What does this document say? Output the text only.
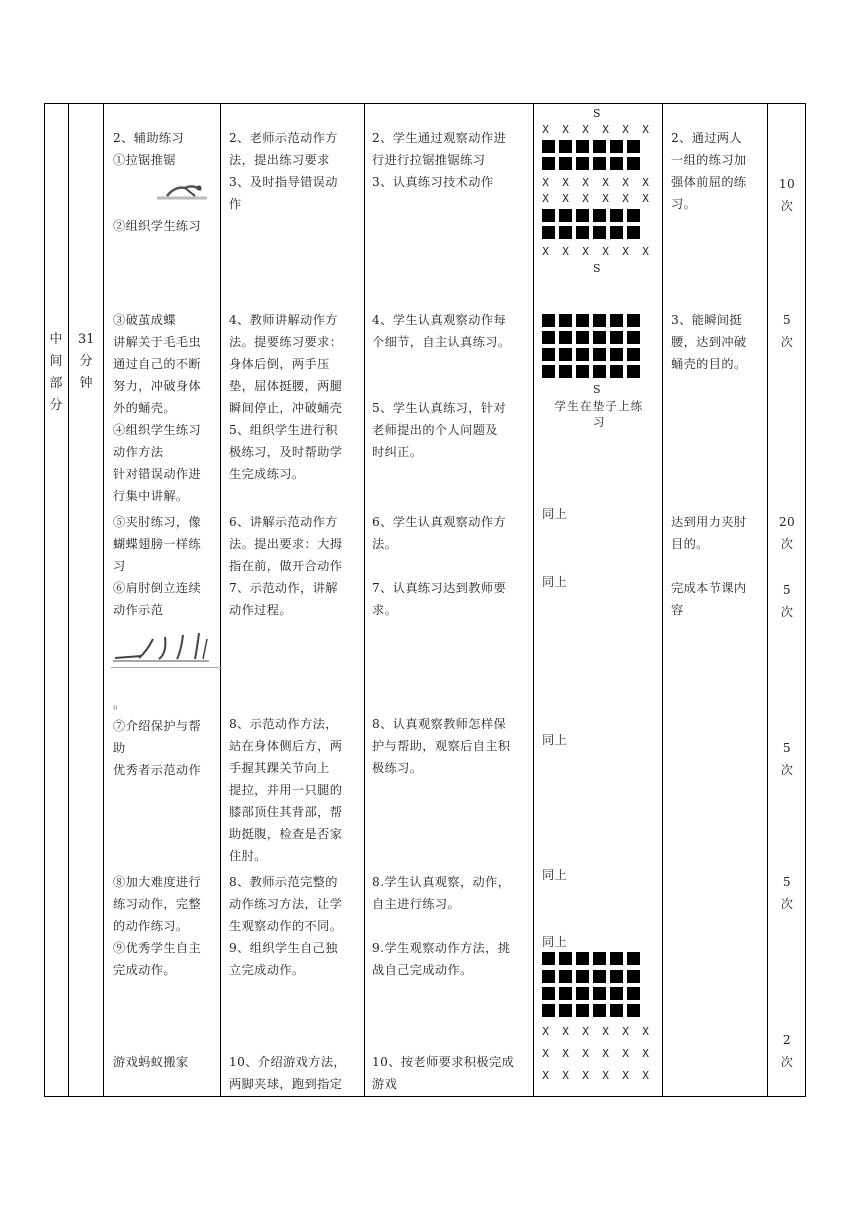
中
间
部
分
31
分
钟
2、辅助练习
①拉锯推锯
②组织学生练习
2、老师示范动作方
法，提出练习要求
3、及时指导错误动
作
2、学生通过观察动作进
行进行拉锯推锯练习
3、认真练习技术动作
2、通过两人
一组的练习加
强体前屈的练
习。
10
次
③破茧成蝶
讲解关于毛毛虫
通过自己的不断
努力，冲破身体
外的蛹壳。
④组织学生练习
动作方法
针对错误动作进
行集中讲解。
4、教师讲解动作方
法。提要练习要求：
身体后倒，两手压
垫，屈体挺腰，两腿
瞬间停止，冲破蛹壳
5、组织学生进行积
极练习，及时帮助学
生完成练习。
4、学生认真观察动作每
个细节，自主认真练习。
5、学生认真练习，针对
老师提出的个人问题及
时纠正。
3、能瞬间挺
腰，达到冲破
蛹壳的目的。
5
次
学生在垫子上练
习
⑤夹肘练习，像
蝴蝶翅膀一样练
习
⑥肩肘倒立连续
动作示范
6、讲解示范动作方
法。提出要求：大拇
指在前，做开合动作
7、示范动作，讲解
动作过程。
6、学生认真观察动作方
法。
7、认真练习达到教师要
求。
同上
同上
达到用力夹肘
目的。
完成本节课内
容
20
次
5
次
。
⑦介绍保护与帮
助
优秀者示范动作
8、示范动作方法，
站在身体侧后方，两
手握其踝关节向上
提拉，并用一只腿的
膝部顶住其背部，帮
助挺腹，检查是否家
住肘。
8、认真观察教师怎样保
护与帮助，观察后自主积
极练习。
同上
5
次
⑧加大难度进行
练习动作，完整
的动作练习。
⑨优秀学生自主
完成动作。
8、教师示范完整的
动作练习方法，让学
生观察动作的不同。
9、组织学生自己独
立完成动作。
8.学生认真观察，动作，
自主进行练习。
9.学生观察动作方法，挑
战自己完成动作。
同上
同上
5
次
游戏蚂蚁搬家	10、介绍游戏方法，
两脚夹球，跑到指定
10、按老师要求积极完成
游戏
2
次
S
X X X X X X
X X X X X X
X X X X X X
X X X X X X
S
S
X X X X X X
X X X X X X
X X X X X X
